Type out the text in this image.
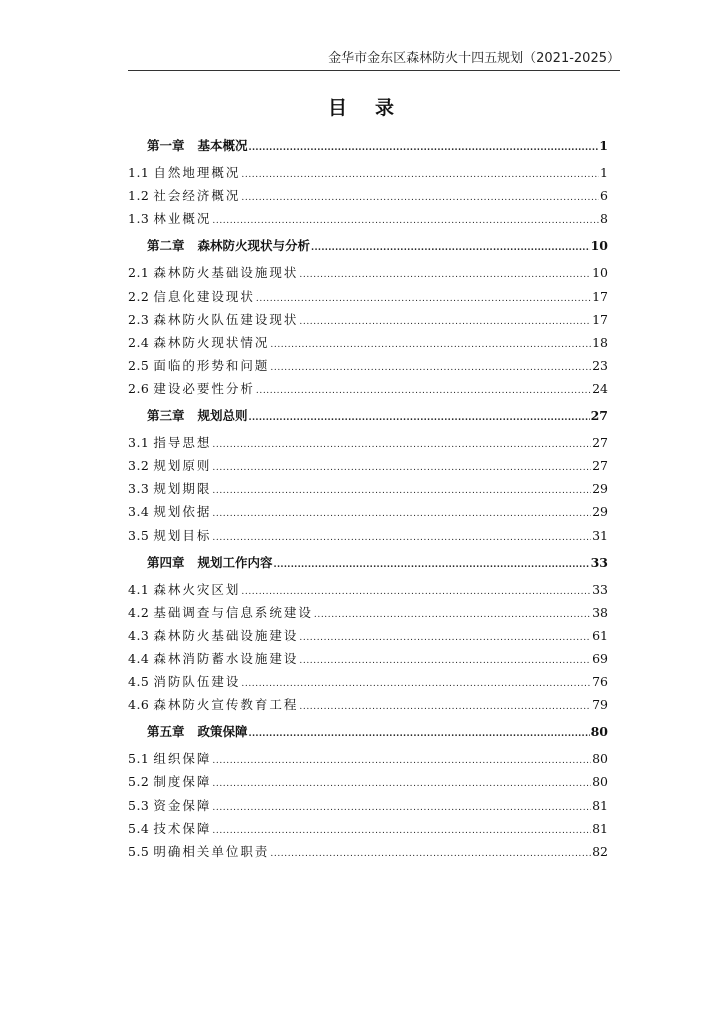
金华市金东区森林防火十四五规划（2021-2025）
目 录
第一章 基本概况 .....	1
1.1 自然地理概况 .....	1
1.2 社会经济概况 .....	6
1.3 林业概况 .....	8
第二章 森林防火现状与分析 .....	10
2.1 森林防火基础设施现状 .....	10
2.2 信息化建设现状 .....	17
2.3 森林防火队伍建设现状 .....	17
2.4 森林防火现状情况 .....	18
2.5 面临的形势和问题 .....	23
2.6 建设必要性分析 .....	24
第三章 规划总则 .....	27
3.1 指导思想 .....	27
3.2 规划原则 .....	27
3.3 规划期限 .....	29
3.4 规划依据 .....	29
3.5 规划目标 .....	31
第四章 规划工作内容 .....	33
4.1 森林火灾区划 .....	33
4.2 基础调查与信息系统建设 .....	38
4.3 森林防火基础设施建设 .....	61
4.4 森林消防蓄水设施建设 .....	69
4.5 消防队伍建设 .....	76
4.6 森林防火宣传教育工程 .....	79
第五章 政策保障 .....	80
5.1 组织保障 .....	80
5.2 制度保障 .....	80
5.3 资金保障 .....	81
5.4 技术保障 .....	81
5.5 明确相关单位职责 .....	82
